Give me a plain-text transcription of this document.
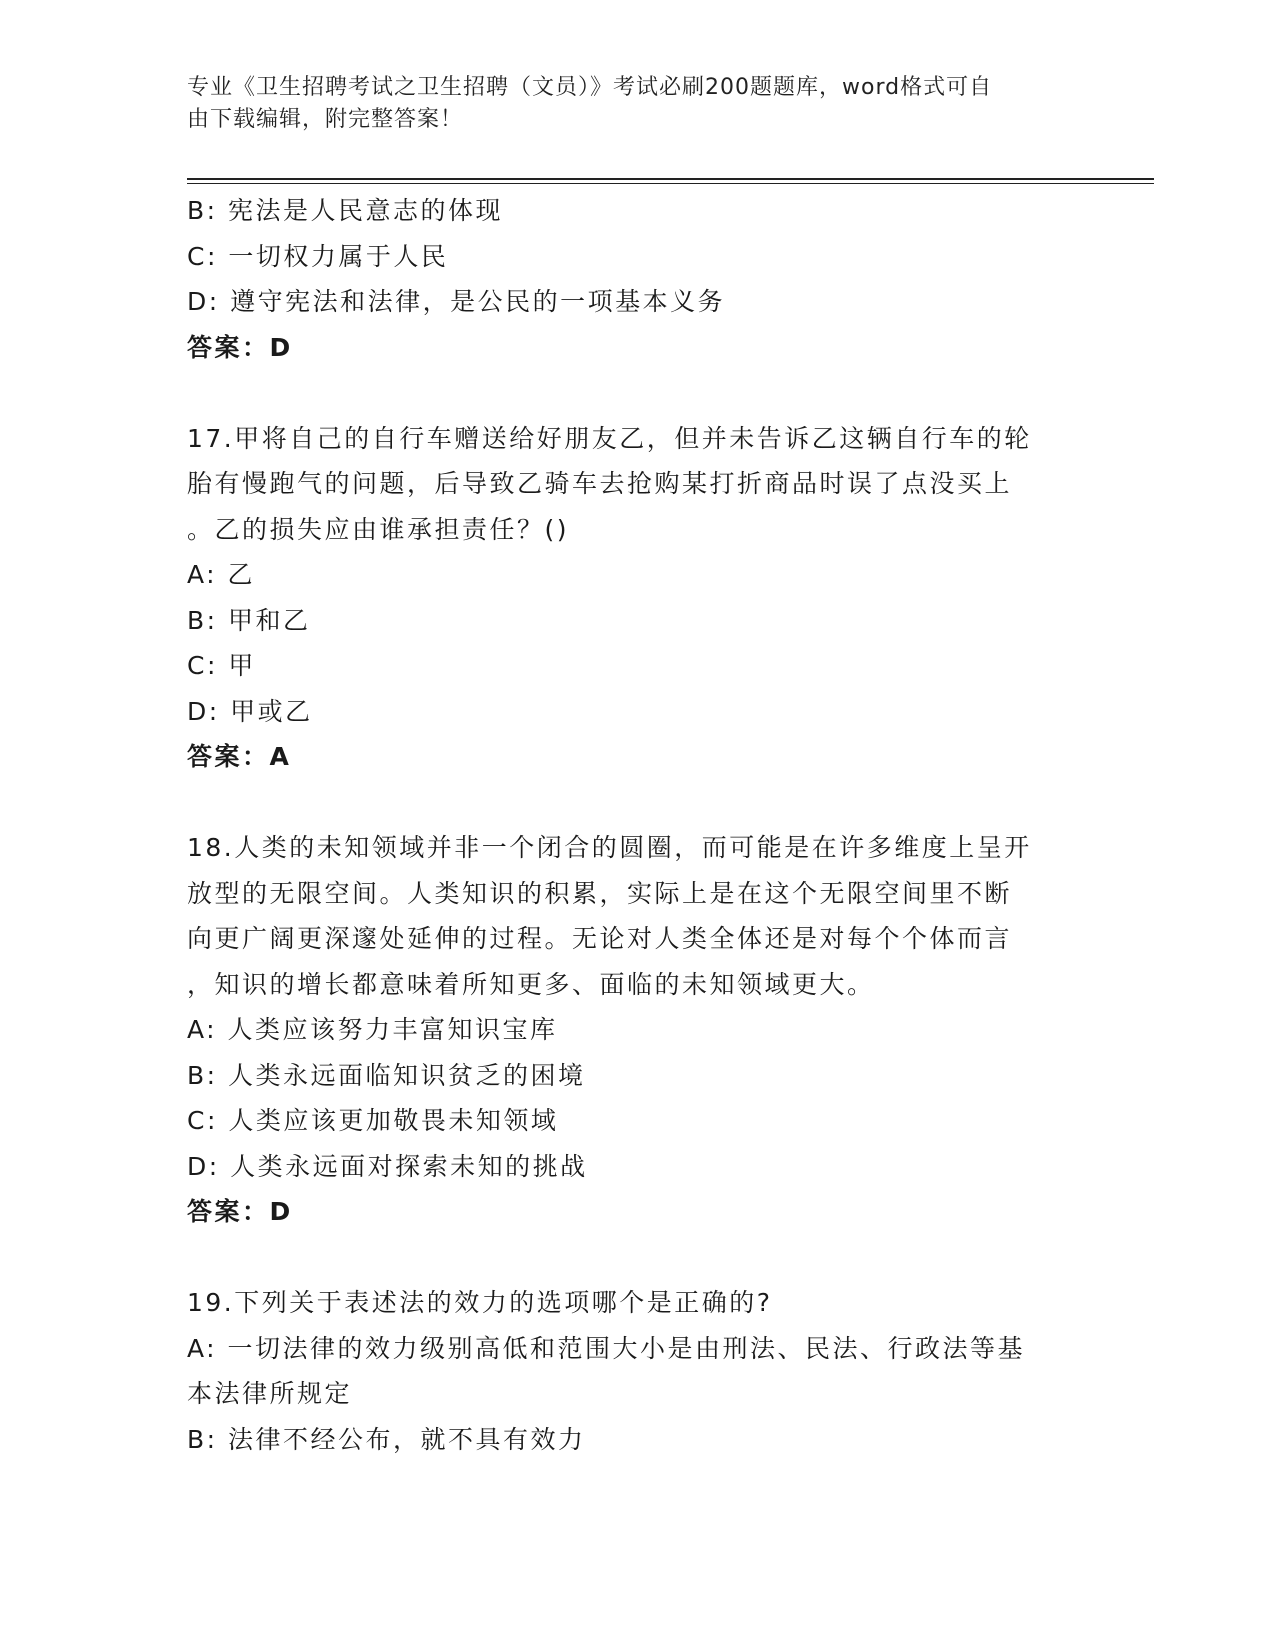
专业《卫生招聘考试之卫生招聘（文员）》考试必刷200题题库，word格式可自
由下载编辑，附完整答案！
B: 宪法是人民意志的体现
C: 一切权力属于人民
D: 遵守宪法和法律，是公民的一项基本义务
答案：D
17.甲将自己的自行车赠送给好朋友乙，但并未告诉乙这辆自行车的轮
胎有慢跑气的问题，后导致乙骑车去抢购某打折商品时误了点没买上
。乙的损失应由谁承担责任？()
A: 乙
B: 甲和乙
C: 甲
D: 甲或乙
答案：A
18.人类的未知领域并非一个闭合的圆圈，而可能是在许多维度上呈开
放型的无限空间。人类知识的积累，实际上是在这个无限空间里不断
向更广阔更深邃处延伸的过程。无论对人类全体还是对每个个体而言
，知识的增长都意味着所知更多、面临的未知领域更大。
A: 人类应该努力丰富知识宝库
B: 人类永远面临知识贫乏的困境
C: 人类应该更加敬畏未知领域
D: 人类永远面对探索未知的挑战
答案：D
19.下列关于表述法的效力的选项哪个是正确的?
A: 一切法律的效力级别高低和范围大小是由刑法、民法、行政法等基
本法律所规定
B: 法律不经公布，就不具有效力
